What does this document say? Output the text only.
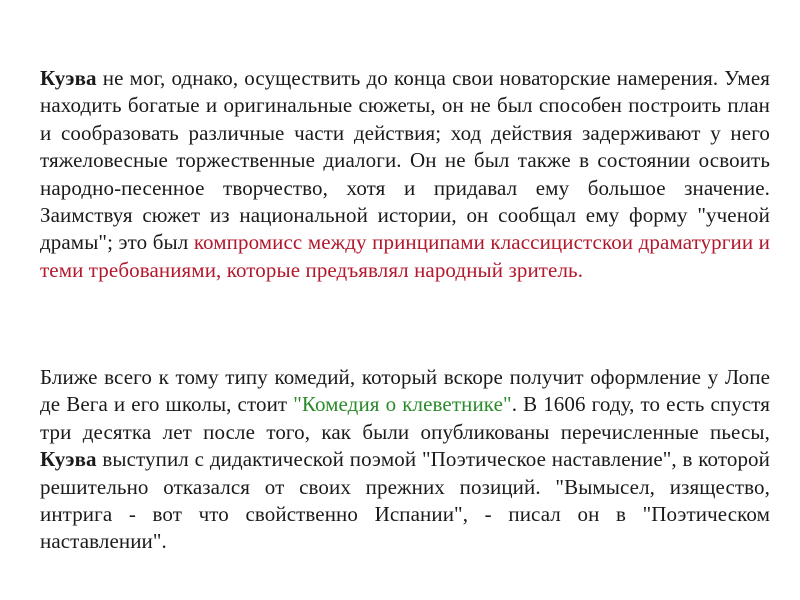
Куэва не мог, однако, осуществить до конца свои новаторские намерения. Умея находить богатые и оригинальные сюжеты, он не был способен построить план и сообразовать различные части действия; ход действия задерживают у него тяжеловесные торжественные диалоги. Он не был также в состоянии освоить народно-песенное творчество, хотя и придавал ему большое значение. Заимствуя сюжет из национальной истории, он сообщал ему форму "ученой драмы"; это был компромисс между принципами классицистскои драматургии и теми требованиями, которые предъявлял народный зритель.

Ближе всего к тому типу комедий, который вскоре получит оформление у Лопе де Вега и его школы, стоит "Комедия о клеветнике". В 1606 году, то есть спустя три десятка лет после того, как были опубликованы перечисленные пьесы, Куэва выступил с дидактической поэмой "Поэтическое наставление", в которой решительно отказался от своих прежних позиций. "Вымысел, изящество, интрига - вот что свойственно Испании", - писал он в "Поэтическом наставлении".
